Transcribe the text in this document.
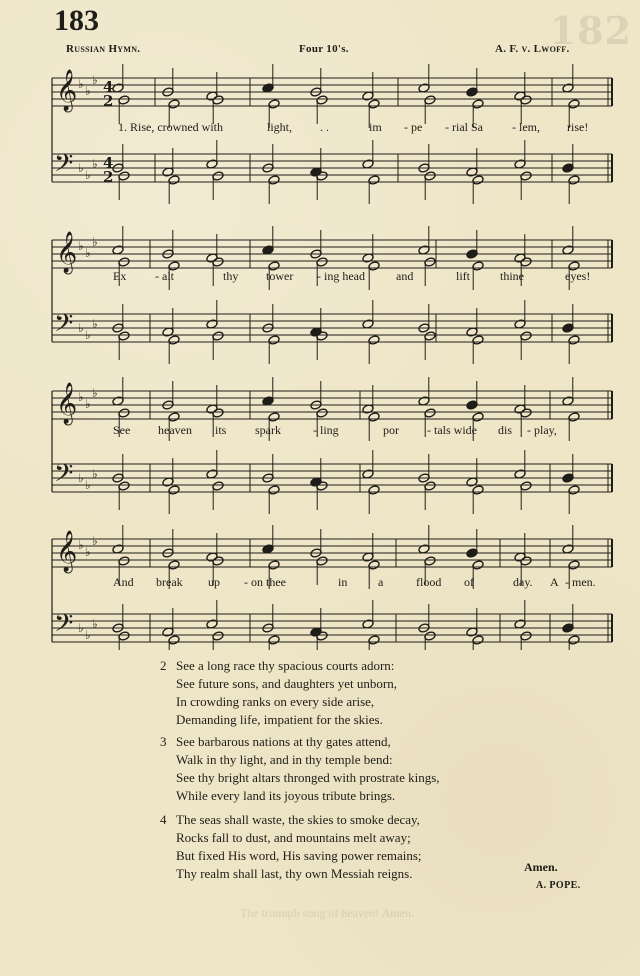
182
183
Russian Hymn.	Four 10's.	A. F. v. Lwoff.
𝄞
𝄢
♭ ♭
♭
♭ ♭
♭
4
2
4
2
𝄞
𝄢
♭ ♭
♭
♭ ♭
♭
𝄞
𝄢
♭ ♭
♭
♭ ♭
♭
𝄞
𝄢
♭ ♭
♭
♭ ♭
♭
1. Rise, crowned with	light, . .	im - pe - rial Sa - lem, rise!
Ex - alt	thy tower - ing head	and	lift	thine	eyes!
See heaven its spark	- ling	por - tals wide dis - play,
And break up - on thee	in	a	flood of	day. A - men.
2 See a long race thy spacious courts adorn:
See future sons, and daughters yet unborn,
In crowding ranks on every side arise,
Demanding life, impatient for the skies.
3 See barbarous nations at thy gates attend,
Walk in thy light, and in thy temple bend:
See thy bright altars thronged with prostrate kings,
While every land its joyous tribute brings.
4 The seas shall waste, the skies to smoke decay,
Rocks fall to dust, and mountains melt away;
But fixed His word, His saving power remains;
Thy realm shall last, thy own Messiah reigns.	Amen.
A. POPE.
The triumph song of heaven! Amen.
